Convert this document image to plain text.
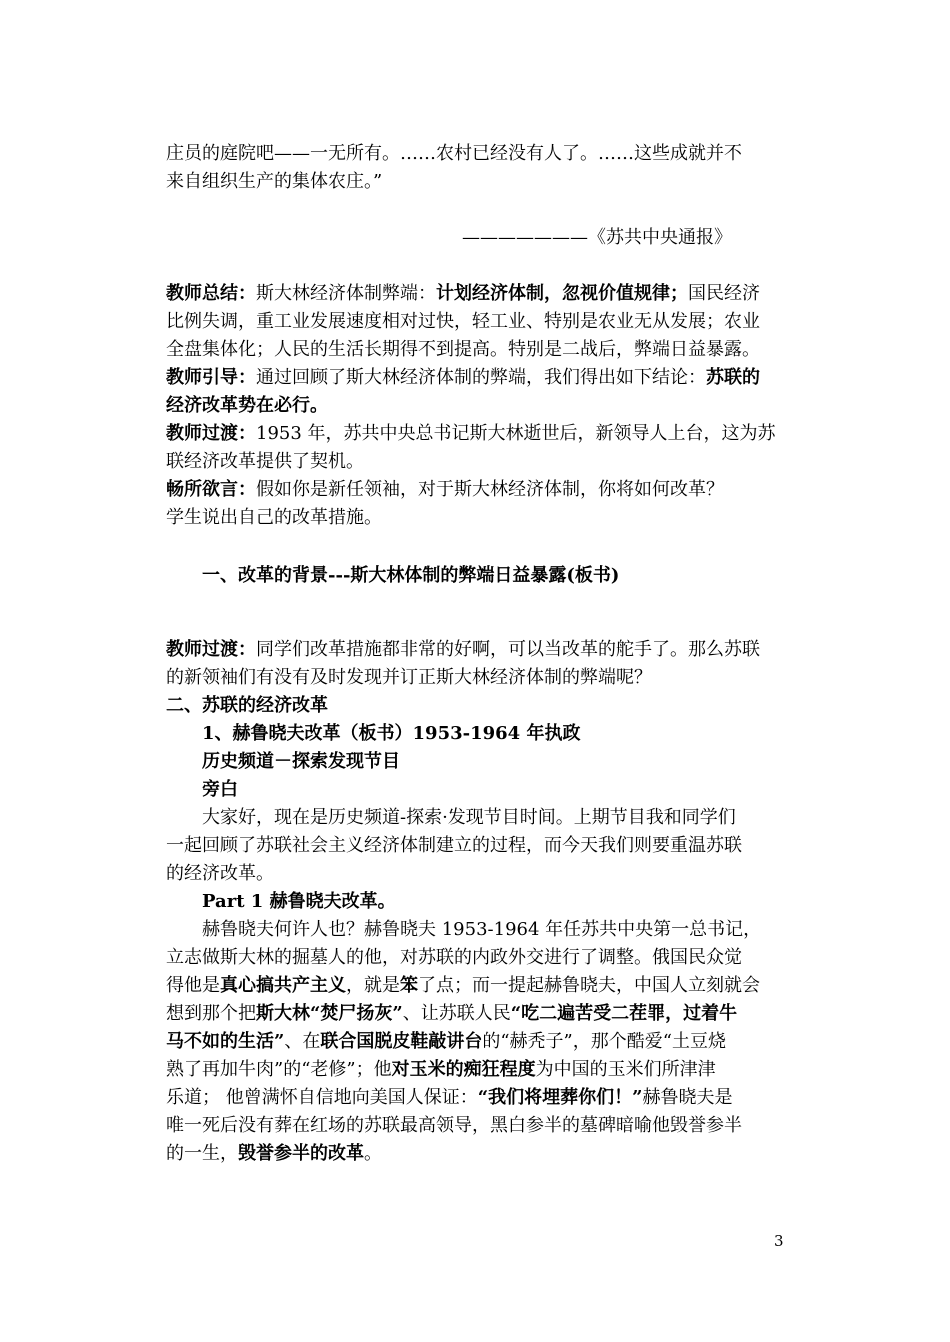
庄员的庭院吧——一无所有。……农村已经没有人了。……这些成就并不
来自组织生产的集体农庄。”
———————《苏共中央通报》
教师总结：斯大林经济体制弊端：计划经济体制，忽视价值规律；国民经济
比例失调，重工业发展速度相对过快，轻工业、特别是农业无从发展；农业
全盘集体化；人民的生活长期得不到提高。特别是二战后，弊端日益暴露。
教师引导：通过回顾了斯大林经济体制的弊端，我们得出如下结论：苏联的
经济改革势在必行。
教师过渡：1953 年，苏共中央总书记斯大林逝世后，新领导人上台，这为苏
联经济改革提供了契机。
畅所欲言：假如你是新任领袖，对于斯大林经济体制，你将如何改革？
学生说出自己的改革措施。
一、改革的背景---斯大林体制的弊端日益暴露(板书)
教师过渡：同学们改革措施都非常的好啊，可以当改革的舵手了。那么苏联
的新领袖们有没有及时发现并订正斯大林经济体制的弊端呢？
二、苏联的经济改革
1、赫鲁晓夫改革（板书）1953-1964 年执政
历史频道－探索发现节目
旁白
大家好，现在是历史频道-探索·发现节目时间。上期节目我和同学们
一起回顾了苏联社会主义经济体制建立的过程，而今天我们则要重温苏联
的经济改革。
Part 1 赫鲁晓夫改革。
赫鲁晓夫何许人也？赫鲁晓夫 1953-1964 年任苏共中央第一总书记，
立志做斯大林的掘墓人的他，对苏联的内政外交进行了调整。俄国民众觉
得他是真心搞共产主义，就是笨了点；而一提起赫鲁晓夫，中国人立刻就会
想到那个把斯大林“焚尸扬灰”、让苏联人民“吃二遍苦受二茬罪，过着牛
马不如的生活”、在联合国脱皮鞋敲讲台的“赫秃子”，那个酷爱“土豆烧
熟了再加牛肉”的“老修”；他对玉米的痴狂程度为中国的玉米们所津津
乐道； 他曾满怀自信地向美国人保证：“我们将埋葬你们！”赫鲁晓夫是
唯一死后没有葬在红场的苏联最高领导，黑白参半的墓碑暗喻他毁誉参半
的一生，毁誉参半的改革。
3
